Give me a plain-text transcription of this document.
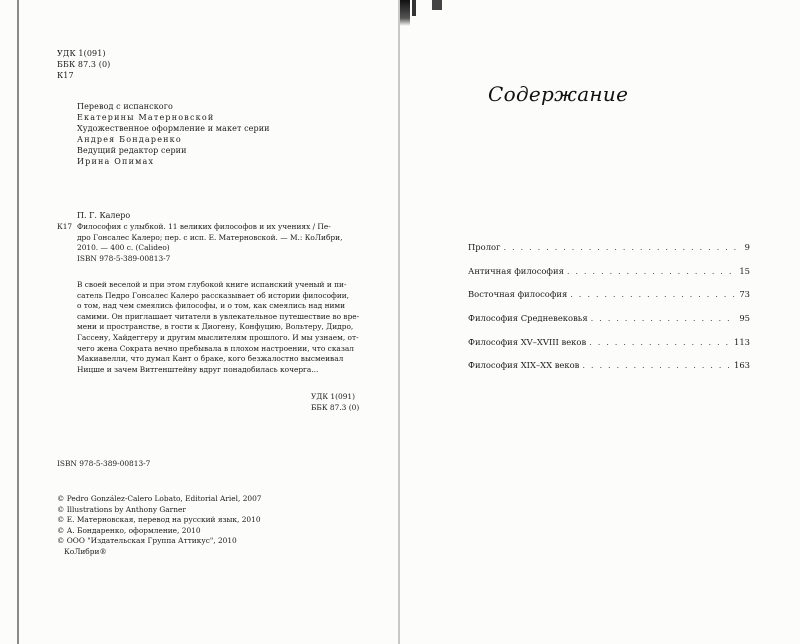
УДК 1(091)
ББК 87.3 (0)
К17
Перевод с испанского
Екатерины Матерновской
Художественное оформление и макет серии
Андрея Бондаренко
Ведущий редактор серии
Ирина Опимах
П. Г. Калеро
К17 Философия с улыбкой. 11 великих философов и их учениях / Пе-
дро Гонсалес Калеро; пер. с исп. Е. Матерновской. — М.: КоЛибри,
2010. — 400 с. (Calideo)
ISBN 978-5-389-00813-7
В своей веселой и при этом глубокой книге испанский ученый и пи-
сатель Педро Гонсалес Калеро рассказывает об истории философии,
о том, над чем смеялись философы, и о том, как смеялись над ними
самими. Он приглашает читателя в увлекательное путешествие во вре-
мени и пространстве, в гости к Диогену, Конфуцию, Вольтеру, Дидро,
Гассену, Хайдеггеру и другим мыслителям прошлого. И мы узнаем, от-
чего жена Сократа вечно пребывала в плохом настроении, что сказал
Макиавелли, что думал Кант о браке, кого безжалостно высмеивал
Ницше и зачем Витгенштейну вдруг понадобилась кочерга...
УДК 1(091)
ББК 87.3 (0)
ISBN 978-5-389-00813-7
© Pedro González-Calero Lobato, Editorial Ariel, 2007
© Illustrations by Anthony Garner
© Е. Матерновская, перевод на русский язык, 2010
© А. Бондаренко, оформление, 2010
© ООО "Издательская Группа Аттикус", 2010
КоЛибри®
Содержание
Пролог . . .	9
Античная философия . . .	15
Восточная философия . . .	73
Философия Средневековья . . .	95
Философия XV–XVIII веков . . .	113
Философия XIX–XX веков . . .	163
